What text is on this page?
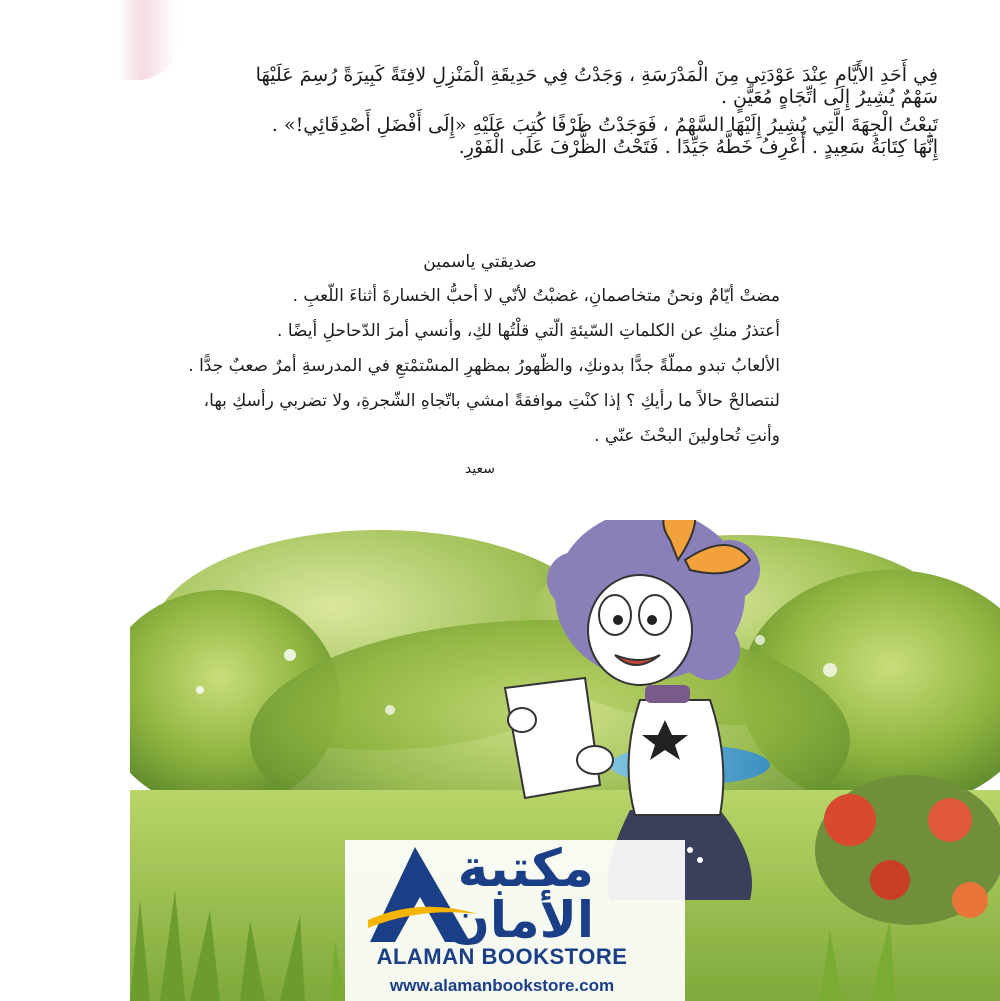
فِي أَحَدِ الأَيَّامِ عِنْدَ عَوْدَتِي مِنَ الْمَدْرَسَةِ ، وَجَدْتُ فِي حَدِيقَةِ الْمَنْزِلِ لافِتَةً كَبِيرَةً رُسِمَ عَلَيْهَا

سَهْمٌ يُشِيرُ إِلَى اتِّجَاهٍ مُعَيَّنٍ .

تَبِعْتُ الْجِهَةَ الَّتِي يُشِيرُ إِلَيْهَا السَّهْمُ ، فَوَجَدْتُ ظَرْفًا كُتِبَ عَلَيْهِ «إِلَى أَفْضَلِ أَصْدِقَائِي!» .

إِنَّهَا كِتَابَةُ سَعِيدٍ . أَعْرِفُ خَطَّهُ جَيِّدًا . فَتَحْتُ الظَّرْفَ عَلَى الْفَوْرِ.

صديقتي ياسمين
مضتْ أيّامٌ ونحنُ متخاصمانِ، غضبْتُ لأنّي لا أحبُّ الخسارةَ أثناءَ اللّعبِ .
أعتذرُ منكِ عن الكلماتِ السّيئةِ الّتي قلْتُها لكِ، وأنسي أمرَ الدّحاحلِ أيضًا .
الألعابُ تبدو مملّةً جدًّا بدونكِ، والظّهورُ بمظهرِ المسْتمْتعِ في المدرسةِ أمرٌ صعبٌ جدًّا .
لنتصالحْ حالاً ما رأيكِ ؟ إذا كنْتِ موافقةً امشي باتّجاهِ الشّجرةِ، ولا تضربي رأسكِ بها،
وأنتِ تُحاولينَ البحْثَ عنّي .
سعيد
مكتبة
الأمان
ALAMAN BOOKSTORE
www.alamanbookstore.com
